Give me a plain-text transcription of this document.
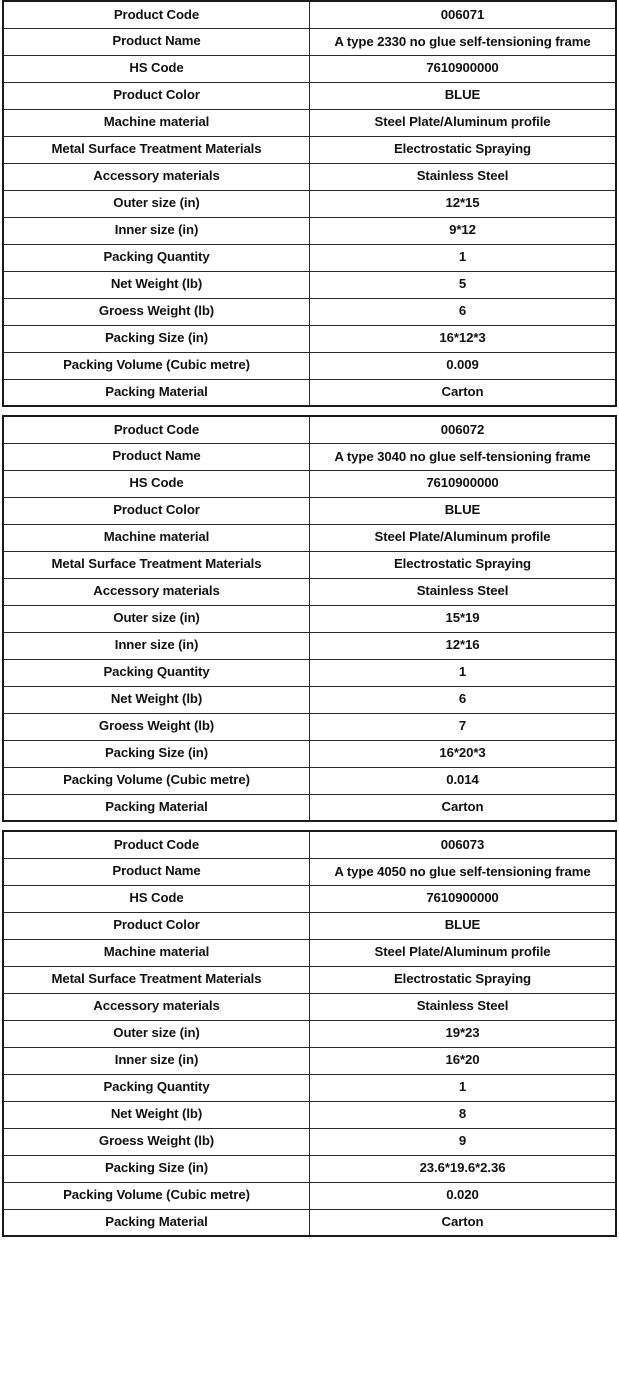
Product Code	006071
Product Name	A type 2330 no glue self-tensioning frame
HS Code	7610900000
Product Color	BLUE
Machine material	Steel Plate/Aluminum profile
Metal Surface Treatment Materials	Electrostatic Spraying
Accessory materials	Stainless Steel
Outer size (in)	12*15
Inner size (in)	9*12
Packing Quantity	1
Net Weight (lb)	5
Groess Weight (lb)	6
Packing Size (in)	16*12*3
Packing Volume (Cubic metre)	0.009
Packing Material	Carton
Product Code	006072
Product Name	A type 3040 no glue self-tensioning frame
HS Code	7610900000
Product Color	BLUE
Machine material	Steel Plate/Aluminum profile
Metal Surface Treatment Materials	Electrostatic Spraying
Accessory materials	Stainless Steel
Outer size (in)	15*19
Inner size (in)	12*16
Packing Quantity	1
Net Weight (lb)	6
Groess Weight (lb)	7
Packing Size (in)	16*20*3
Packing Volume (Cubic metre)	0.014
Packing Material	Carton
Product Code	006073
Product Name	A type 4050 no glue self-tensioning frame
HS Code	7610900000
Product Color	BLUE
Machine material	Steel Plate/Aluminum profile
Metal Surface Treatment Materials	Electrostatic Spraying
Accessory materials	Stainless Steel
Outer size (in)	19*23
Inner size (in)	16*20
Packing Quantity	1
Net Weight (lb)	8
Groess Weight (lb)	9
Packing Size (in)	23.6*19.6*2.36
Packing Volume (Cubic metre)	0.020
Packing Material	Carton
